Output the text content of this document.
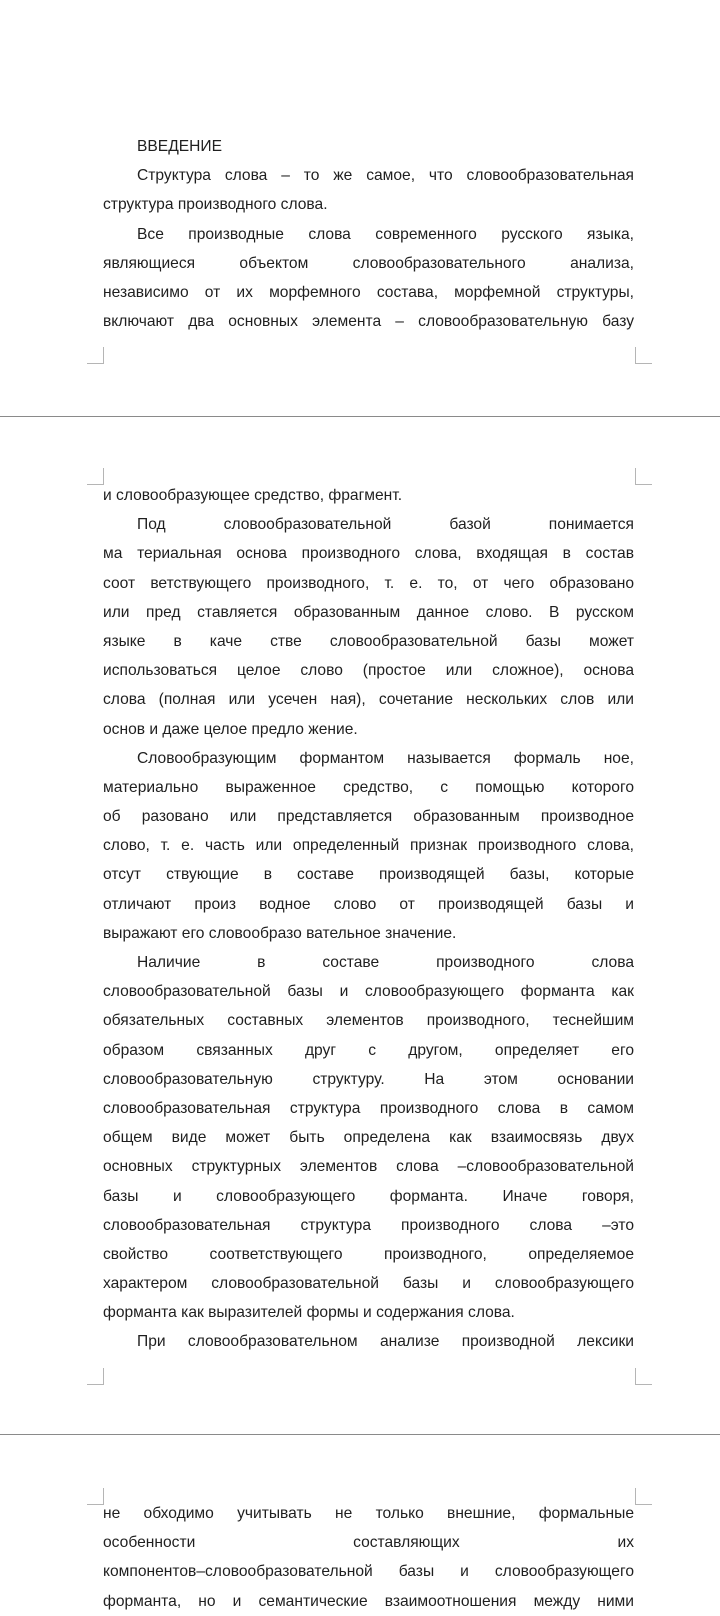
ВВЕДЕНИЕ
Структура слова – то же самое, что словообразовательная
структура производного слова.
Все производные слова современного русского языка,
являющиеся объектом словообразовательного анализа,
независимо от их морфемного состава, морфемной структуры,
включают два основных элемента – словообразовательную базу
и словообразующее средство, фрагмент.
Под словообразовательной базой понимается
ма териальная основа производного слова, входящая в состав
соот ветствующего производного, т. е. то, от чего образовано
или пред ставляется образованным данное слово. В русском
языке в каче стве словообразовательной базы может
использоваться целое слово (простое или сложное), основа
слова (полная или усечен ная), сочетание нескольких слов или
основ и даже целое предло жение.
Словообразующим формантом называется формаль ное,
материально выраженное средство, с помощью которого
об разовано или представляется образованным производное
слово, т. е. часть или определенный признак производного слова,
отсут ствующие в составе производящей базы, которые
отличают произ водное слово от производящей базы и
выражают его словообразо вательное значение.
Наличие в составе производного слова
словообразовательной базы и словообразующего форманта как
обязательных составных элементов производного, теснейшим
образом связанных друг с другом, определяет его
словообразовательную структуру. На этом основании
словообразовательная структура производного слова в самом
общем виде может быть определена как взаимосвязь двух
основных структурных элементов слова –словообразовательной
базы и словообразующего форманта. Иначе говоря,
словообразовательная структура производного слова –это
свойство соответствующего производного, определяемое
характером словообразовательной базы и словообразующего
форманта как выразителей формы и содержания слова.
При словообразовательном анализе производной лексики
не обходимо учитывать не только внешние, формальные
особенности составляющих их
компонентов–словообразовательной базы и словообразующего
форманта, но и семантические взаимоотношения между ними
